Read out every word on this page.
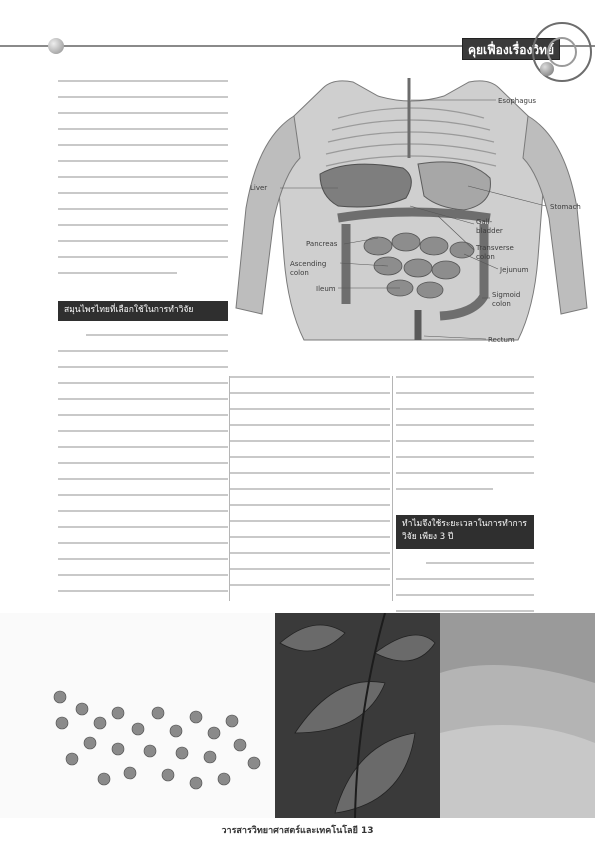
คุยเฟื่องเรื่องวิทย์
Esophagus
Liver
Stomach
Gall-
bladder
Pancreas	Transverse
colon
Ascending
colon	Jejunum
Ileum
Sigmoid
colon
Rectum
สมุนไพรไทยที่เลือกใช้ในการทำวิจัย
ทำไมจึงใช้ระยะเวลาในการทำการวิจัย เพียง 3 ปี
วารสารวิทยาศาสตร์และเทคโนโลยี 13
